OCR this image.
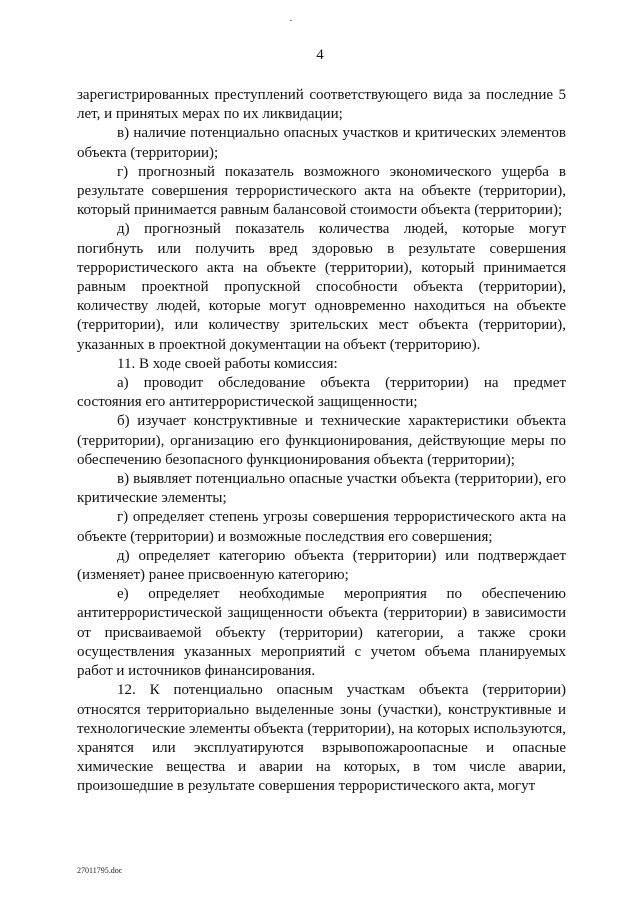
4

зарегистрированных преступлений соответствующего вида за последние 5 лет, и принятых мерах по их ликвидации;

в) наличие потенциально опасных участков и критических элементов объекта (территории);

г) прогнозный показатель возможного экономического ущерба в результате совершения террористического акта на объекте (территории), который принимается равным балансовой стоимости объекта (территории);

д) прогнозный показатель количества людей, которые могут погибнуть или получить вред здоровью в результате совершения террористического акта на объекте (территории), который принимается равным проектной пропускной способности объекта (территории), количеству людей, которые могут одновременно находиться на объекте (территории), или количеству зрительских мест объекта (территории), указанных в проектной документации на объект (территорию).

11. В ходе своей работы комиссия:

а) проводит обследование объекта (территории) на предмет состояния его антитеррористической защищенности;

б) изучает конструктивные и технические характеристики объекта (территории), организацию его функционирования, действующие меры по обеспечению безопасного функционирования объекта (территории);

в) выявляет потенциально опасные участки объекта (территории), его критические элементы;

г) определяет степень угрозы совершения террористического акта на объекте (территории) и возможные последствия его совершения;

д) определяет категорию объекта (территории) или подтверждает (изменяет) ранее присвоенную категорию;

е) определяет необходимые мероприятия по обеспечению антитеррористической защищенности объекта (территории) в зависимости от присваиваемой объекту (территории) категории, а также сроки осуществления указанных мероприятий с учетом объема планируемых работ и источников финансирования.

12. К потенциально опасным участкам объекта (территории) относятся территориально выделенные зоны (участки), конструктивные и технологические элементы объекта (территории), на которых используются, хранятся или эксплуатируются взрывопожароопасные и опасные химические вещества и аварии на которых, в том числе аварии, произошедшие в результате совершения террористического акта, могут

27011795.doc
